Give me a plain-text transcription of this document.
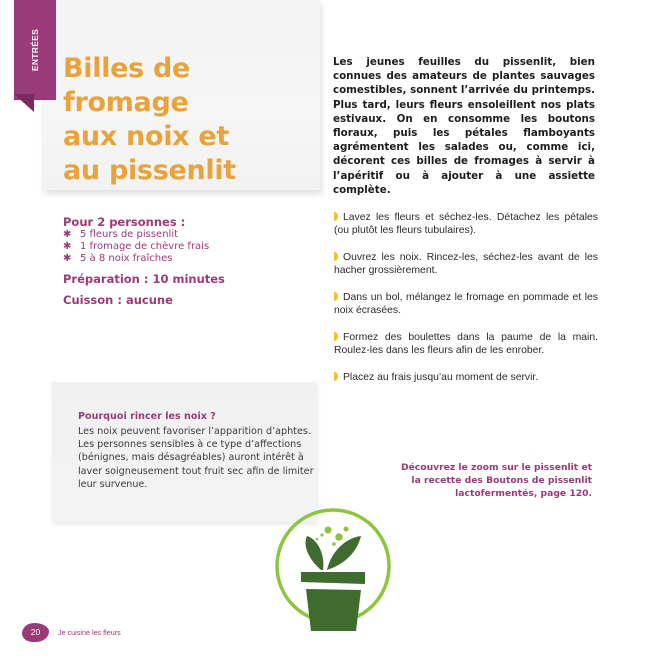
ENTRÉES Billes de fromage
aux noix et
au pissenlit

Les jeunes feuilles du pissenlit, bien connues des amateurs de plantes sauvages comestibles, sonnent l’arrivée du printemps. Plus tard, leurs fleurs ensoleillent nos plats estivaux. On en consomme les boutons floraux, puis les pétales flamboyants agrémentent les salades ou, comme ici, décorent ces billes de fromages à servir à l’apéritif ou à ajouter à une assiette complète.

Pour 2 personnes :
✱ 5 fleurs de pissenlit
✱ 1 fromage de chèvre frais
✱ 5 à 8 noix fraîches
Préparation : 10 minutes
Cuisson : aucune

Lavez les fleurs et séchez-les. Détachez les pétales (ou plutôt les fleurs tubulaires).

Ouvrez les noix. Rincez-les, séchez-les avant de les hacher grossièrement.

Dans un bol, mélangez le fromage en pommade et les noix écrasées.

Formez des boulettes dans la paume de la main. Roulez-les dans les fleurs afin de les enrober.

Placez au frais jusqu’au moment de servir.

Pourquoi rincer les noix ?

Les noix peuvent favoriser l’apparition d’aphtes. Les personnes sensibles à ce type d’affections (bénignes, mais désagréables) auront intérêt à laver soigneusement tout fruit sec afin de limiter leur survenue.

Découvrez le zoom sur le pissenlit et la recette des Boutons de pissenlit lactofermentés, page 120.

20	Je cuisine les fleurs
